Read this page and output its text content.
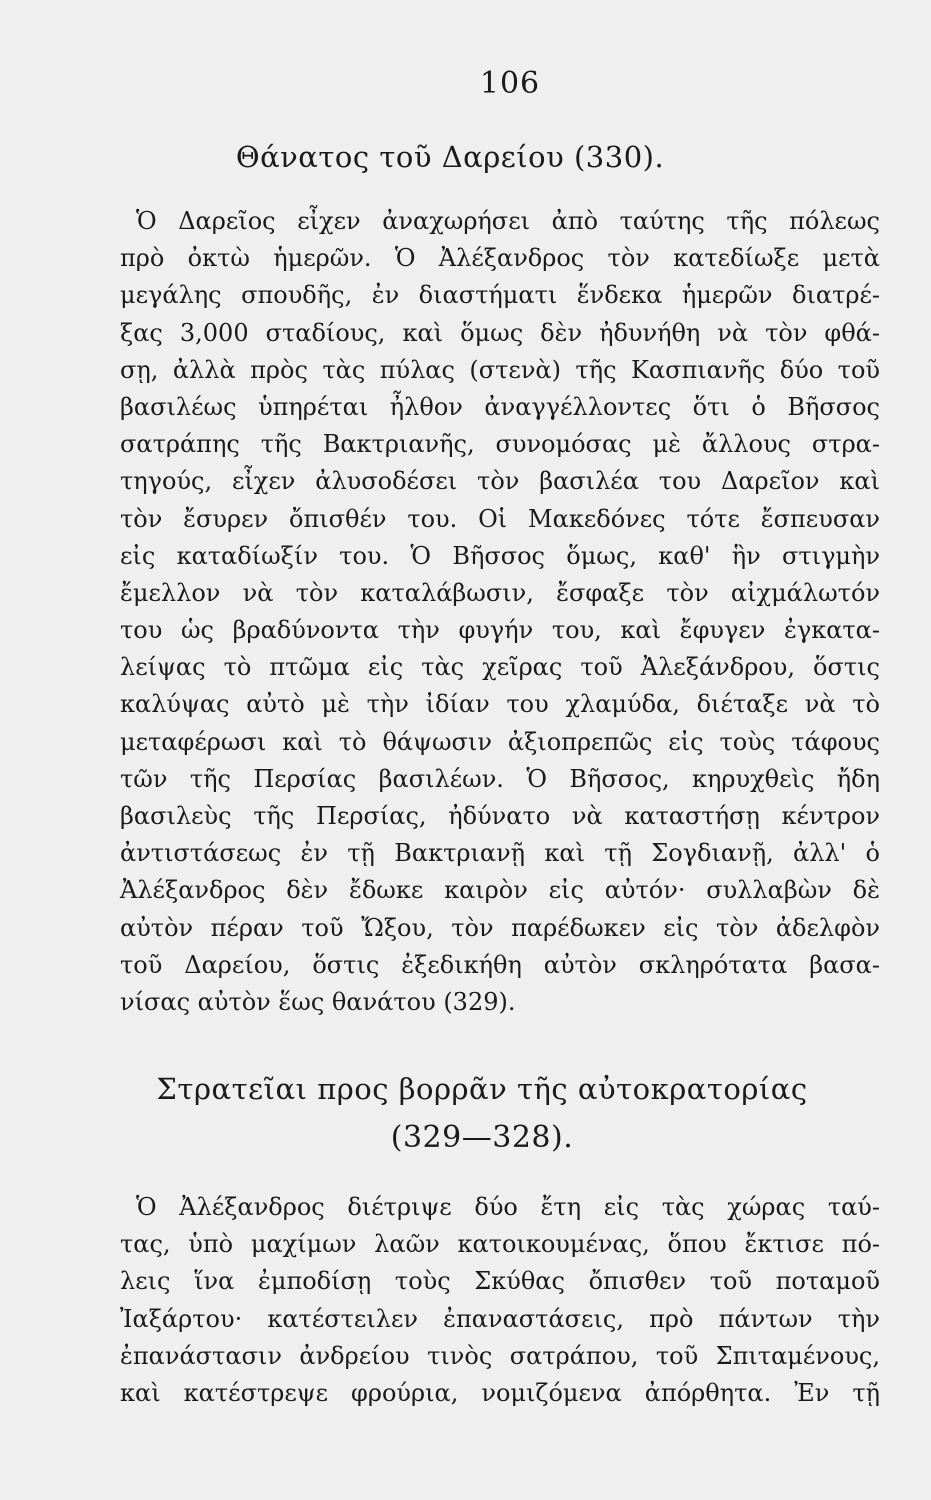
106
Θάνατος τοῦ Δαρείου (330).
Ὁ Δαρεῖος εἶχεν ἀναχωρήσει ἀπὸ ταύτης τῆς πόλεως
πρὸ ὀκτὼ ἡμερῶν. Ὁ Ἀλέξανδρος τὸν κατεδίωξε μετὰ
μεγάλης σπουδῆς, ἐν διαστήματι ἕνδεκα ἡμερῶν διατρέ-
ξας 3,000 σταδίους, καὶ ὅμως δὲν ἠδυνήθη νὰ τὸν φθά-
σῃ, ἀλλὰ πρὸς τὰς πύλας (στενὰ) τῆς Κασπιανῆς δύο τοῦ
βασιλέως ὑπηρέται ἦλθον ἀναγγέλλοντες ὅτι ὁ Βῆσσος
σατράπης τῆς Βακτριανῆς, συνομόσας μὲ ἄλλους στρα-
τηγούς, εἶχεν ἀλυσοδέσει τὸν βασιλέα του Δαρεῖον καὶ
τὸν ἔσυρεν ὄπισθέν του. Οἱ Μακεδόνες τότε ἔσπευσαν
εἰς καταδίωξίν του. Ὁ Βῆσσος ὅμως, καθ' ἣν στιγμὴν
ἔμελλον νὰ τὸν καταλάβωσιν, ἔσφαξε τὸν αἰχμάλωτόν
του ὡς βραδύνοντα τὴν φυγήν του, καὶ ἔφυγεν ἐγκατα-
λείψας τὸ πτῶμα εἰς τὰς χεῖρας τοῦ Ἀλεξάνδρου, ὅστις
καλύψας αὐτὸ μὲ τὴν ἰδίαν του χλαμύδα, διέταξε νὰ τὸ
μεταφέρωσι καὶ τὸ θάψωσιν ἀξιοπρεπῶς εἰς τοὺς τάφους
τῶν τῆς Περσίας βασιλέων. Ὁ Βῆσσος, κηρυχθεὶς ἤδη
βασιλεὺς τῆς Περσίας, ἠδύνατο νὰ καταστήσῃ κέντρον
ἀντιστάσεως ἐν τῇ Βακτριανῇ καὶ τῇ Σογδιανῇ, ἀλλ' ὁ
Ἀλέξανδρος δὲν ἔδωκε καιρὸν εἰς αὐτόν· συλλαβὼν δὲ
αὐτὸν πέραν τοῦ Ὤξου, τὸν παρέδωκεν εἰς τὸν ἀδελφὸν
τοῦ Δαρείου, ὅστις ἐξεδικήθη αὐτὸν σκληρότατα βασα-
νίσας αὐτὸν ἕως θανάτου (329).
Στρατεῖαι προς βορρᾶν τῆς αὐτοκρατορίας
(329—328).
Ὁ Ἀλέξανδρος διέτριψε δύο ἔτη εἰς τὰς χώρας ταύ-
τας, ὑπὸ μαχίμων λαῶν κατοικουμένας, ὅπου ἔκτισε πό-
λεις ἵνα ἐμποδίσῃ τοὺς Σκύθας ὄπισθεν τοῦ ποταμοῦ
Ἰαξάρτου· κατέστειλεν ἐπαναστάσεις, πρὸ πάντων τὴν
ἐπανάστασιν ἀνδρείου τινὸς σατράπου, τοῦ Σπιταμένους,
καὶ κατέστρεψε φρούρια, νομιζόμενα ἀπόρθητα. Ἐν τῇ
